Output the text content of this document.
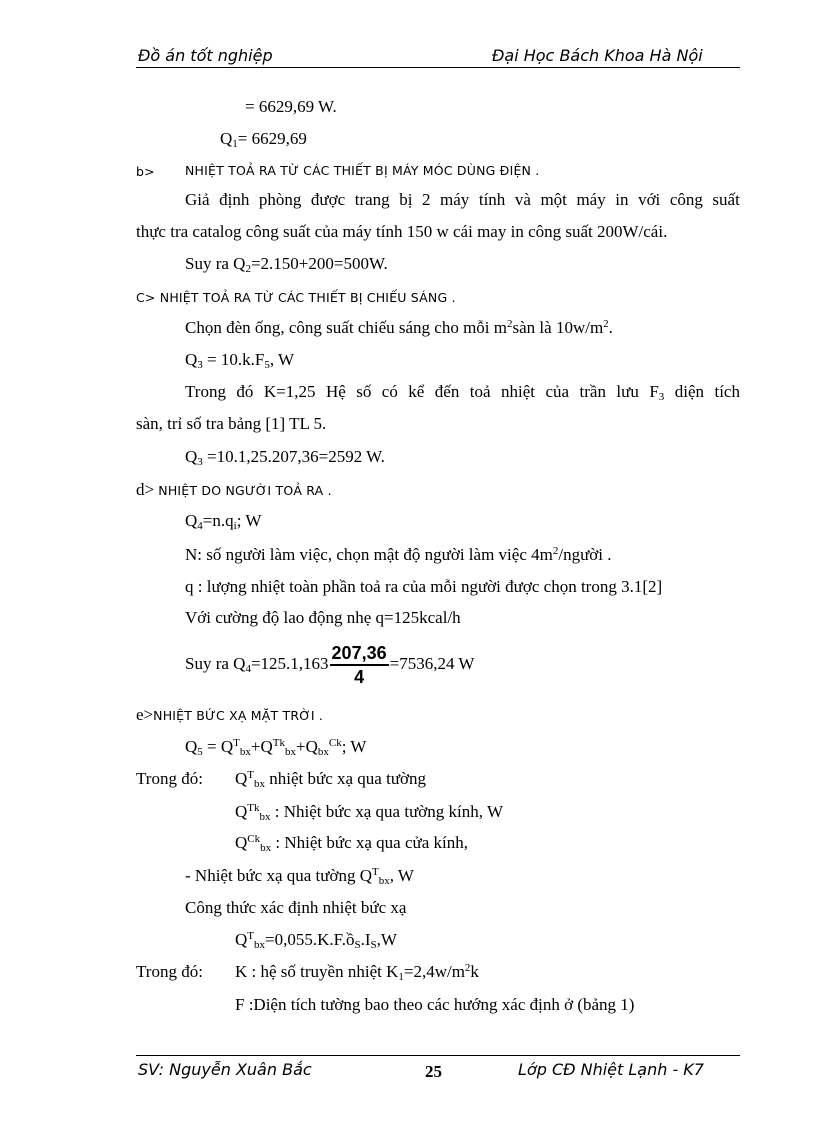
Đồ án tốt nghiệp	Đại Học Bách Khoa Hà Nội
= 6629,69 W.
$Q_1= 6629,69$
b> NHIỆT TOẢ RA TỪ CÁC THIẾT BỊ MÁY MÓC DÙNG ĐIỆN .
Giả định phòng được trang bị 2 máy tính và một máy in với công suất
thực tra catalog công suất của máy tính 150 w cái may in công suất 200W/cái.
Suy ra $Q_2=2.150+200=500W$.
C> NHIỆT TOẢ RA TỪ CÁC THIẾT BỊ CHIẾU SÁNG .
Chọn đèn ống, công suất chiếu sáng cho mỗi $m^2sàn$ là $10w/m^2$.
$Q_3 = 10.k.F_5$, W
Trong đó K=1,25 Hệ số có kể đến toả nhiệt của trần lưu $F_3$ diện tích
sàn, trỉ số tra bảng [1] TL 5.
$Q_3 =10.1,25.207,36=2592$ W.
d> NHIỆT DO NGƯỜI TOẢ RA .
$Q_4=n.q_i$; W
N: số người làm việc, chọn mật độ người làm việc $4m^2$/người .
q : lượng nhiệt toàn phần toả ra của mỗi người được chọn trong 3.1[2]
Với cường độ lao động nhẹ q=125kcal/h
Suy ra $Q_4=125.1,163 \frac{207,36}{4} =7536,24$ W
e>NHIỆT BỨC XẠ MẶT TRỜI .
$Q_5 = Q^T_{bx}+Q^{Tk}_{bx}+Q_{bx}^{Ck}$; W
Trong đó: $Q^T_{bx}$ nhiệt bức xạ qua tường
$Q^{Tk}_{bx}$ : Nhiệt bức xạ qua tường kính, W
$Q^{Ck}_{bx}$ : Nhiệt bức xạ qua cửa kính,
- Nhiệt bức xạ qua tường $Q^T_{bx}$, W
Công thức xác định nhiệt bức xạ
$Q^T_{bx}=0,055.K.F.ồ_S.I_S,W$
Trong đó: K : hệ số truyền nhiệt $K_1=2,4w/m^2k$
F :Diện tích tường bao theo các hướng xác định ở (bảng 1)
SV: Nguyễn Xuân Bắc	25	Lớp CĐ Nhiệt Lạnh - K7
